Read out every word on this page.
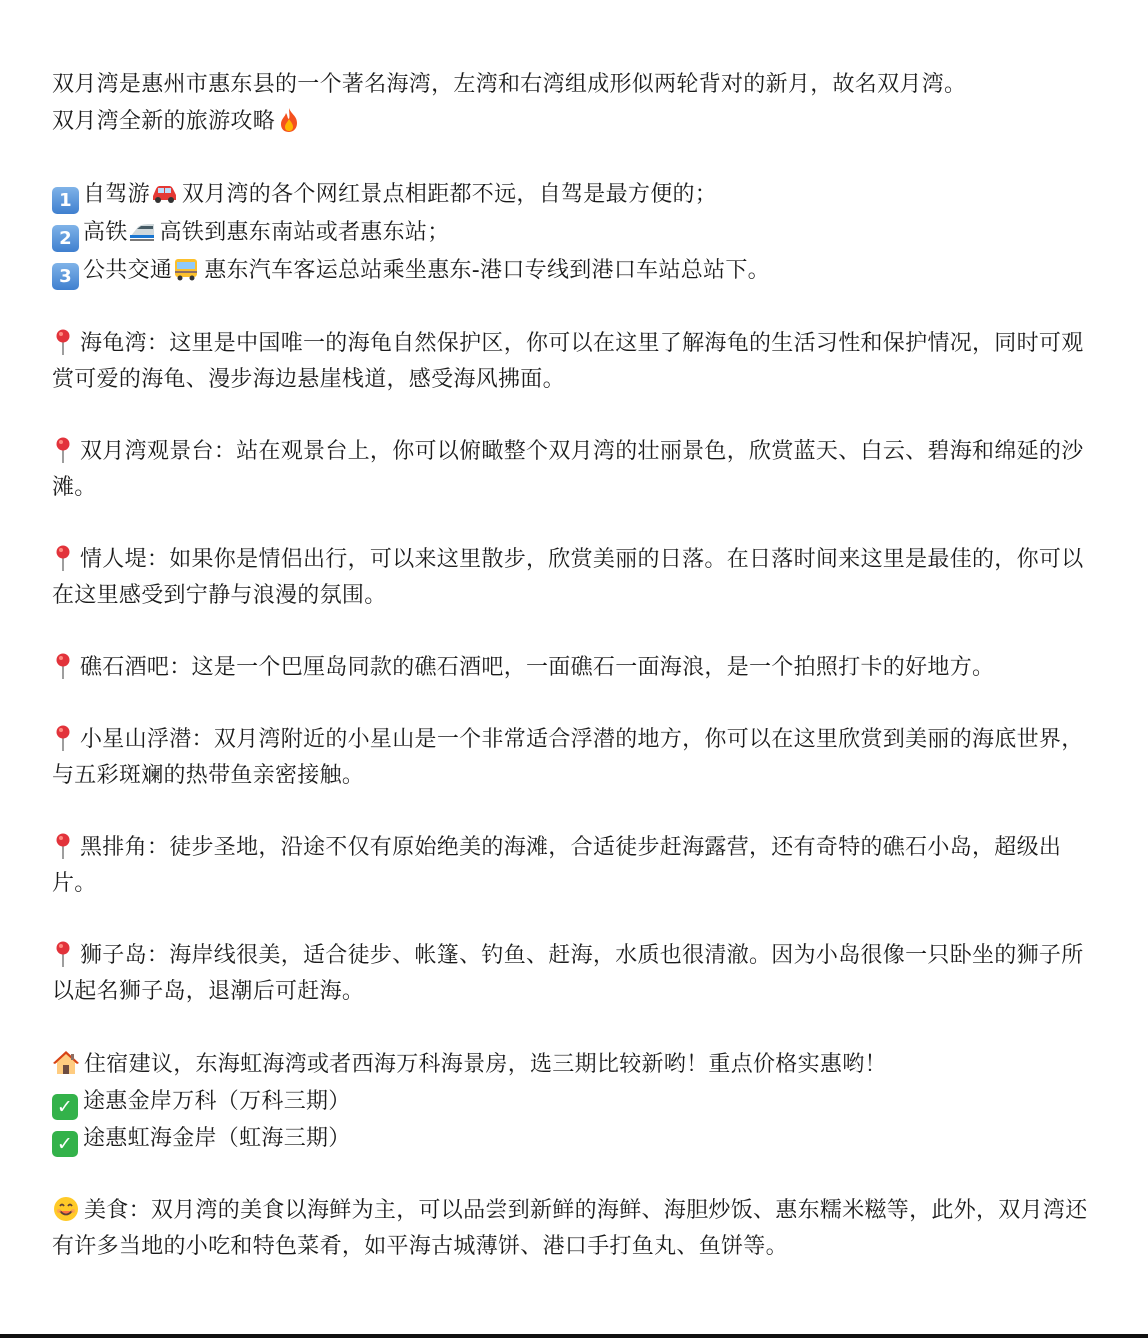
双月湾是惠州市惠东县的一个著名海湾，左湾和右湾组成形似两轮背对的新月，故名双月湾。
双月湾全新的旅游攻略
1 自驾游 双月湾的各个网红景点相距都不远，自驾是最方便的；
2 高铁 高铁到惠东南站或者惠东站；
3 公共交通 惠东汽车客运总站乘坐惠东-港口专线到港口车站总站下。
海龟湾：这里是中国唯一的海龟自然保护区，你可以在这里了解海龟的生活习性和保护情况，同时可观赏可爱的海龟、漫步海边悬崖栈道，感受海风拂面。
双月湾观景台：站在观景台上，你可以俯瞰整个双月湾的壮丽景色，欣赏蓝天、白云、碧海和绵延的沙滩。
情人堤：如果你是情侣出行，可以来这里散步，欣赏美丽的日落。在日落时间来这里是最佳的，你可以在这里感受到宁静与浪漫的氛围。
礁石酒吧：这是一个巴厘岛同款的礁石酒吧，一面礁石一面海浪，是一个拍照打卡的好地方。
小星山浮潜：双月湾附近的小星山是一个非常适合浮潜的地方，你可以在这里欣赏到美丽的海底世界，与五彩斑斓的热带鱼亲密接触。
黑排角：徒步圣地，沿途不仅有原始绝美的海滩，合适徒步赶海露营，还有奇特的礁石小岛，超级出片。
狮子岛：海岸线很美，适合徒步、帐篷、钓鱼、赶海，水质也很清澈。因为小岛很像一只卧坐的狮子所以起名狮子岛，退潮后可赶海。
住宿建议，东海虹海湾或者西海万科海景房，选三期比较新哟！重点价格实惠哟！
✓ 途惠金岸万科（万科三期）
✓ 途惠虹海金岸（虹海三期）
美食：双月湾的美食以海鲜为主，可以品尝到新鲜的海鲜、海胆炒饭、惠东糯米糍等，此外，双月湾还有许多当地的小吃和特色菜肴，如平海古城薄饼、港口手打鱼丸、鱼饼等。
